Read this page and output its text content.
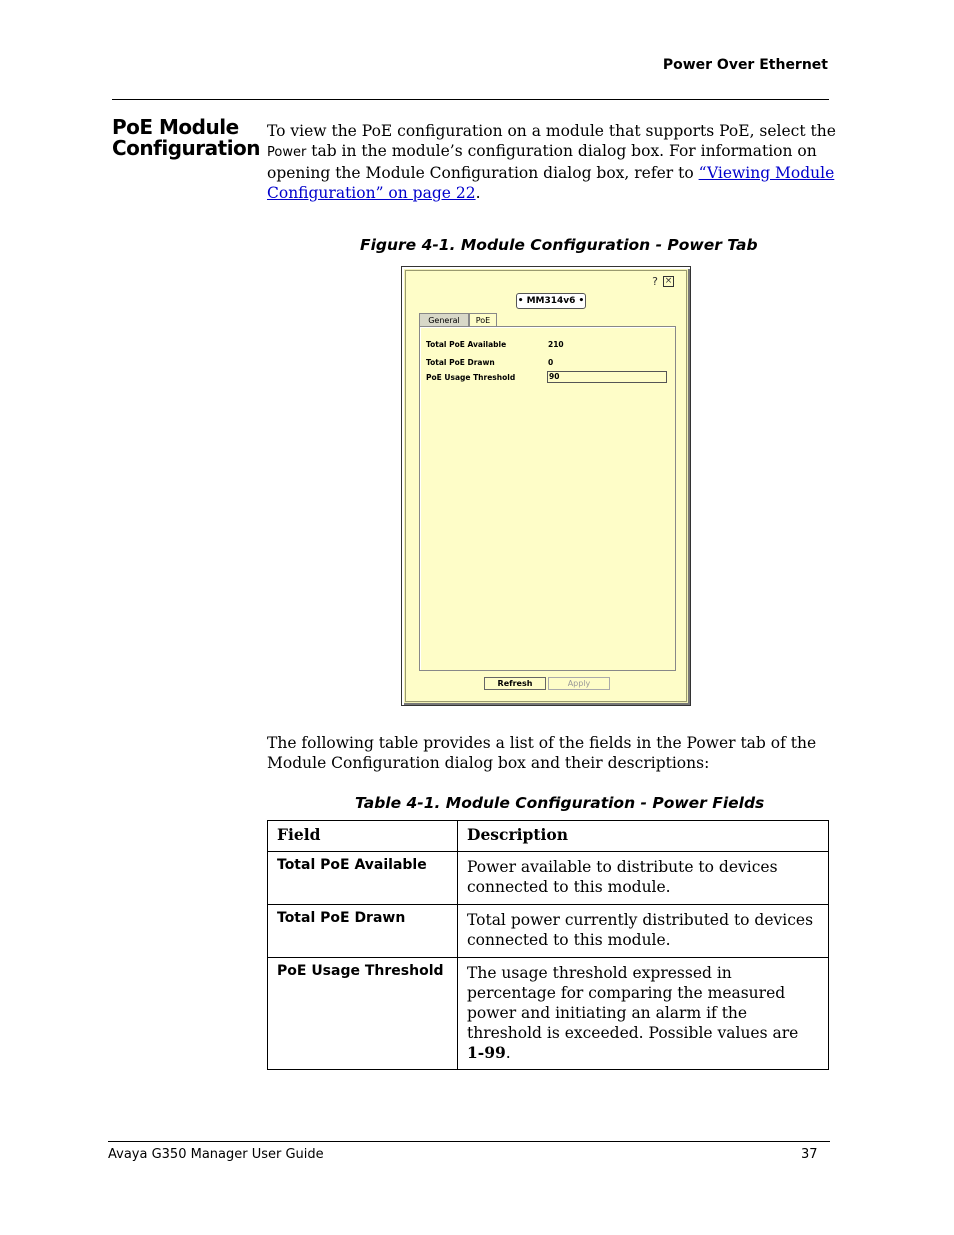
Power Over Ethernet
PoE Module Configuration
To view the PoE configuration on a module that supports PoE, select the Power tab in the module’s configuration dialog box. For information on opening the Module Configuration dialog box, refer to “Viewing Module Configuration” on page 22.
Figure 4-1. Module Configuration - Power Tab
? ×
• MM314v6 •
General	PoE
Total PoE Available	210
Total PoE Drawn	0
PoE Usage Threshold	90
Refresh	Apply
The following table provides a list of the fields in the Power tab of the Module Configuration dialog box and their descriptions:
Table 4-1. Module Configuration - Power Fields
Field	Description
Total PoE Available	Power available to distribute to devices connected to this module.
Total PoE Drawn	Total power currently distributed to devices connected to this module.
PoE Usage Threshold	The usage threshold expressed in percentage for comparing the measured power and initiating an alarm if the threshold is exceeded. Possible values are 1-99.
Avaya G350 Manager User Guide	37
